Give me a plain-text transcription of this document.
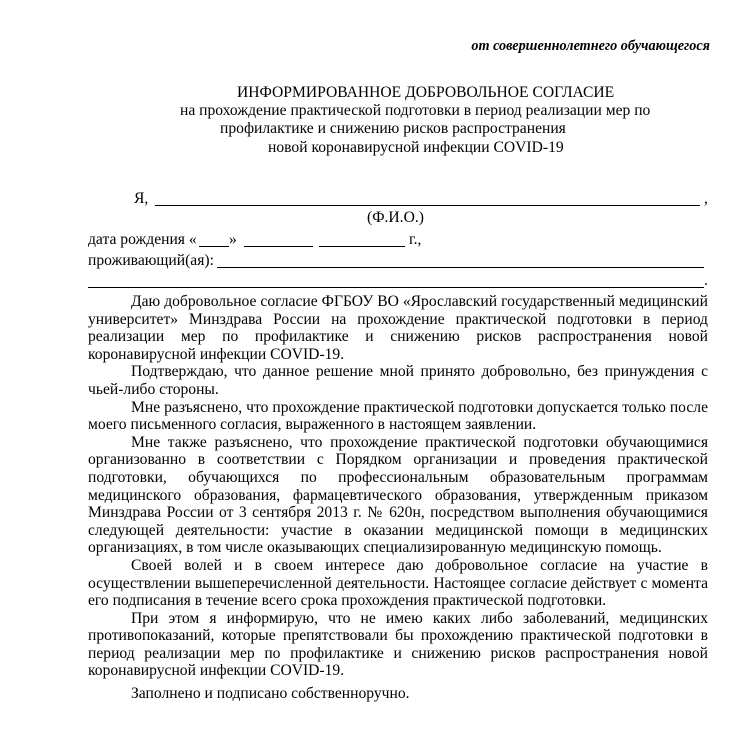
от совершеннолетнего обучающегося
ИНФОРМИРОВАННОЕ ДОБРОВОЛЬНОЕ СОГЛАСИЕ
на прохождение практической подготовки в период реализации мер по
профилактике и снижению рисков распространения
новой коронавирусной инфекции COVID-19
Я,	,
(Ф.И.О.)
дата рождения « »	г.,
проживающий(ая):
.

Даю добровольное согласие ФГБОУ ВО «Ярославский государственный медицинский университет» Минздрава России на прохождение практической подготовки в период реализации мер по профилактике и снижению рисков распространения новой коронавирусной инфекции COVID-19.

Подтверждаю, что данное решение мной принято добровольно, без принуждения с чьей-либо стороны.

Мне разъяснено, что прохождение практической подготовки допускается только после моего письменного согласия, выраженного в настоящем заявлении.

Мне также разъяснено, что прохождение практической подготовки обучающимися организованно в соответствии с Порядком организации и проведения практической подготовки, обучающихся по профессиональным образовательным программам медицинского образования, фармацевтического образования, утвержденным приказом Минздрава России от 3 сентября 2013 г. № 620н, посредством выполнения обучающимися следующей деятельности: участие в оказании медицинской помощи в медицинских организациях, в том числе оказывающих специализированную медицинскую помощь.

Своей волей и в своем интересе даю добровольное согласие на участие в осуществлении вышеперечисленной деятельности. Настоящее согласие действует с момента его подписания в течение всего срока прохождения практической подготовки.

При этом я информирую, что не имею каких либо заболеваний, медицинских противопоказаний, которые препятствовали бы прохождению практической подготовки в период реализации мер по профилактике и снижению рисков распространения новой коронавирусной инфекции COVID-19.

Заполнено и подписано собственноручно.
